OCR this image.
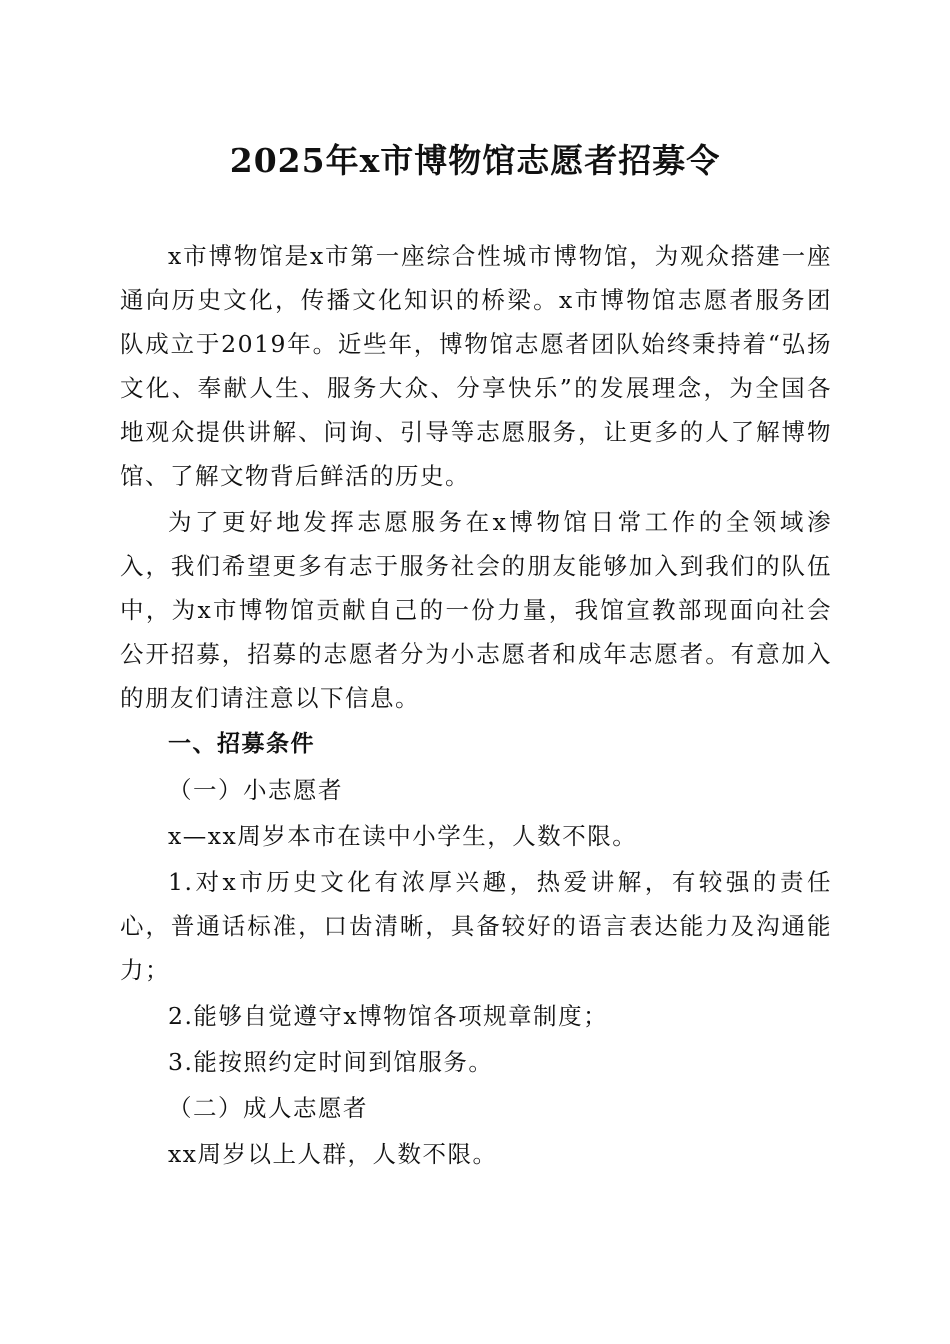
2025年x市博物馆志愿者招募令

x市博物馆是x市第一座综合性城市博物馆，为观众搭建一座通向历史文化，传播文化知识的桥梁。x市博物馆志愿者服务团队成立于2019年。近些年，博物馆志愿者团队始终秉持着“弘扬文化、奉献人生、服务大众、分享快乐”的发展理念，为全国各地观众提供讲解、问询、引导等志愿服务，让更多的人了解博物馆、了解文物背后鲜活的历史。

为了更好地发挥志愿服务在x博物馆日常工作的全领域渗入，我们希望更多有志于服务社会的朋友能够加入到我们的队伍中，为x市博物馆贡献自己的一份力量，我馆宣教部现面向社会公开招募，招募的志愿者分为小志愿者和成年志愿者。有意加入的朋友们请注意以下信息。

一、招募条件

（一）小志愿者

x—xx周岁本市在读中小学生，人数不限。

1.对x市历史文化有浓厚兴趣，热爱讲解，有较强的责任心，普通话标准，口齿清晰，具备较好的语言表达能力及沟通能力；

2.能够自觉遵守x博物馆各项规章制度；

3.能按照约定时间到馆服务。

（二）成人志愿者

xx周岁以上人群，人数不限。
